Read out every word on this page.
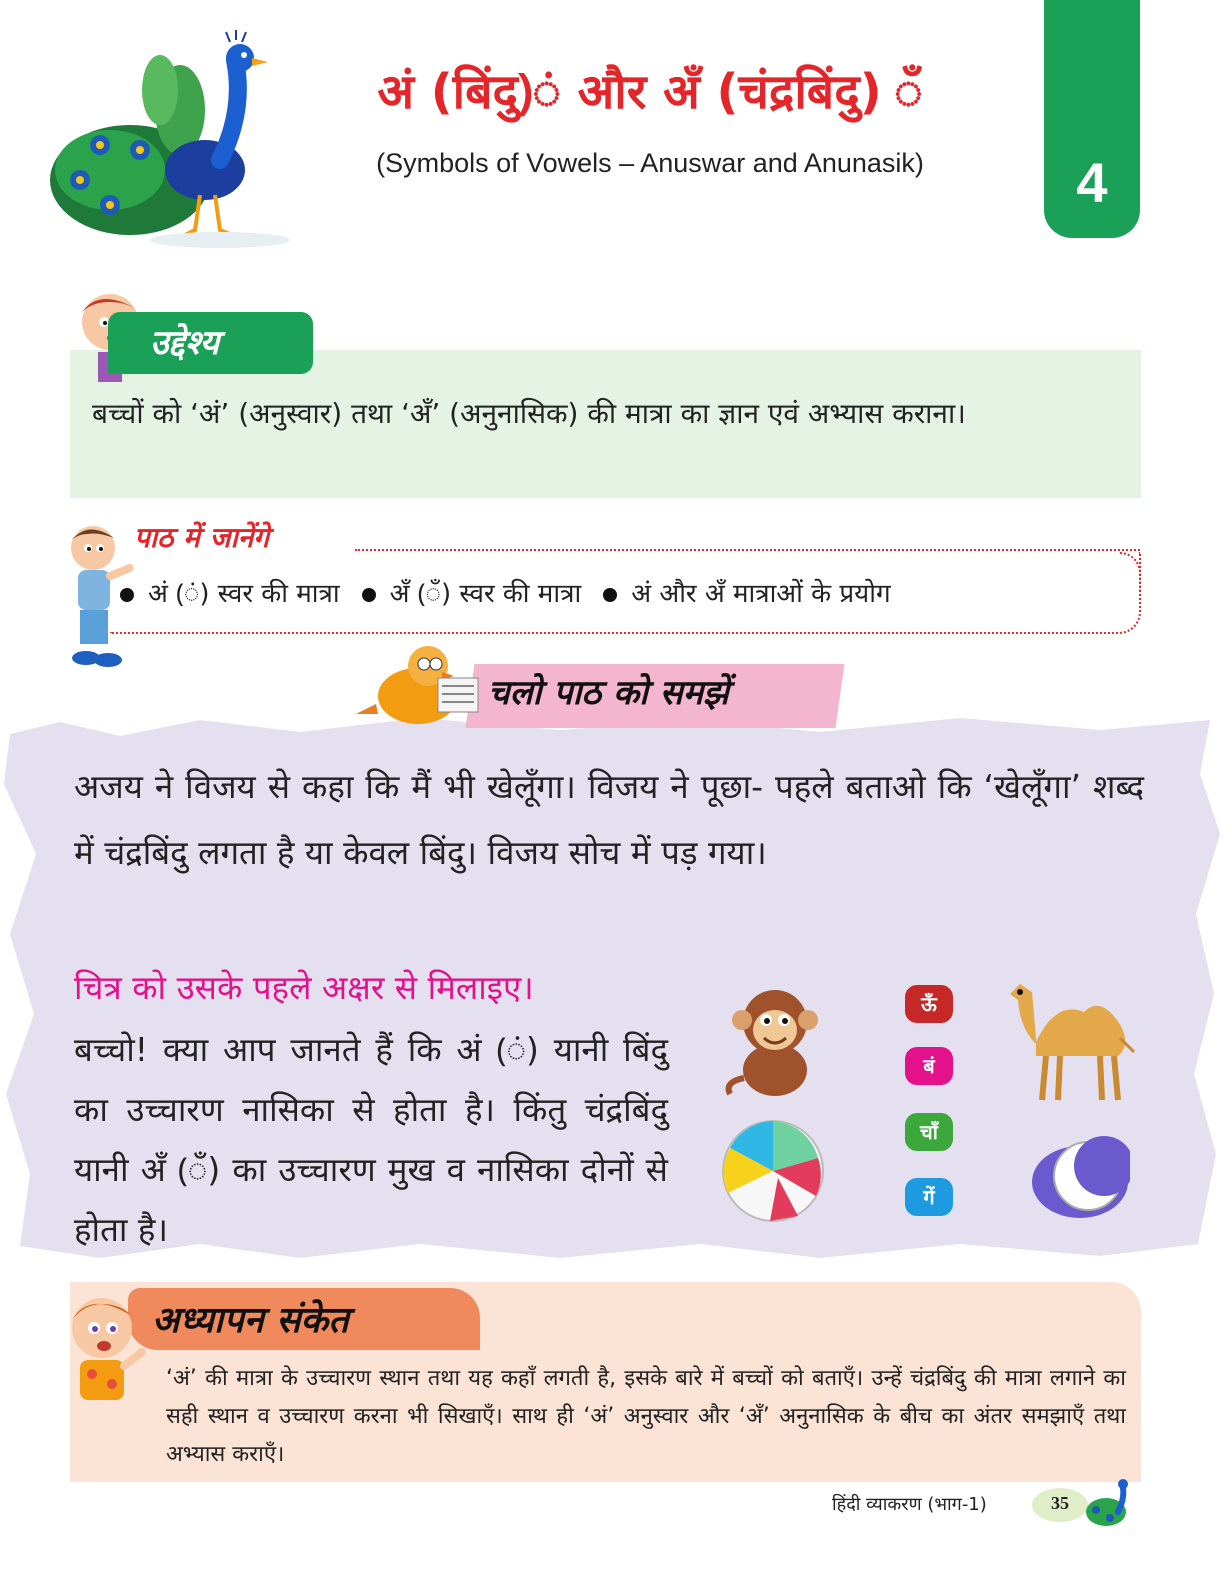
अं (बिंदु)ं और अँ (चंद्रबिंदु) ँ
(Symbols of Vowels – Anuswar and Anunasik)	4
उद्देश्य
बच्चों को ‘अं’ (अनुस्वार) तथा ‘अँ’ (अनुनासिक) की मात्रा का ज्ञान एवं अभ्यास कराना।
पाठ में जानेंगे
अं (ं) स्वर की मात्रा	अँ (ँ) स्वर की मात्रा	अं और अँ मात्राओं के प्रयोग
चलो पाठ को समझें
अजय ने विजय से कहा कि मैं भी खेलूँगा। विजय ने पूछा- पहले बताओ कि ‘खेलूँगा’ शब्द में चंद्रबिंदु लगता है या केवल बिंदु। विजय सोच में पड़ गया।
चित्र को उसके पहले अक्षर से मिलाइए।
बच्चो! क्या आप जानते हैं कि अं (ं) यानी बिंदु का उच्चारण नासिका से होता है। किंतु चंद्रबिंदु यानी अँ (ँ) का उच्चारण मुख व नासिका दोनों से होता है।
ऊँ
बं
चाँ
गें
अध्यापन संकेत
‘अं’ की मात्रा के उच्चारण स्थान तथा यह कहाँ लगती है, इसके बारे में बच्चों को बताएँ। उन्हें चंद्रबिंदु की मात्रा लगाने का सही स्थान व उच्चारण करना भी सिखाएँ। साथ ही ‘अं’ अनुस्वार और ‘अँ’ अनुनासिक के बीच का अंतर समझाएँ तथा अभ्यास कराएँ।
हिंदी व्याकरण (भाग-1)	35
